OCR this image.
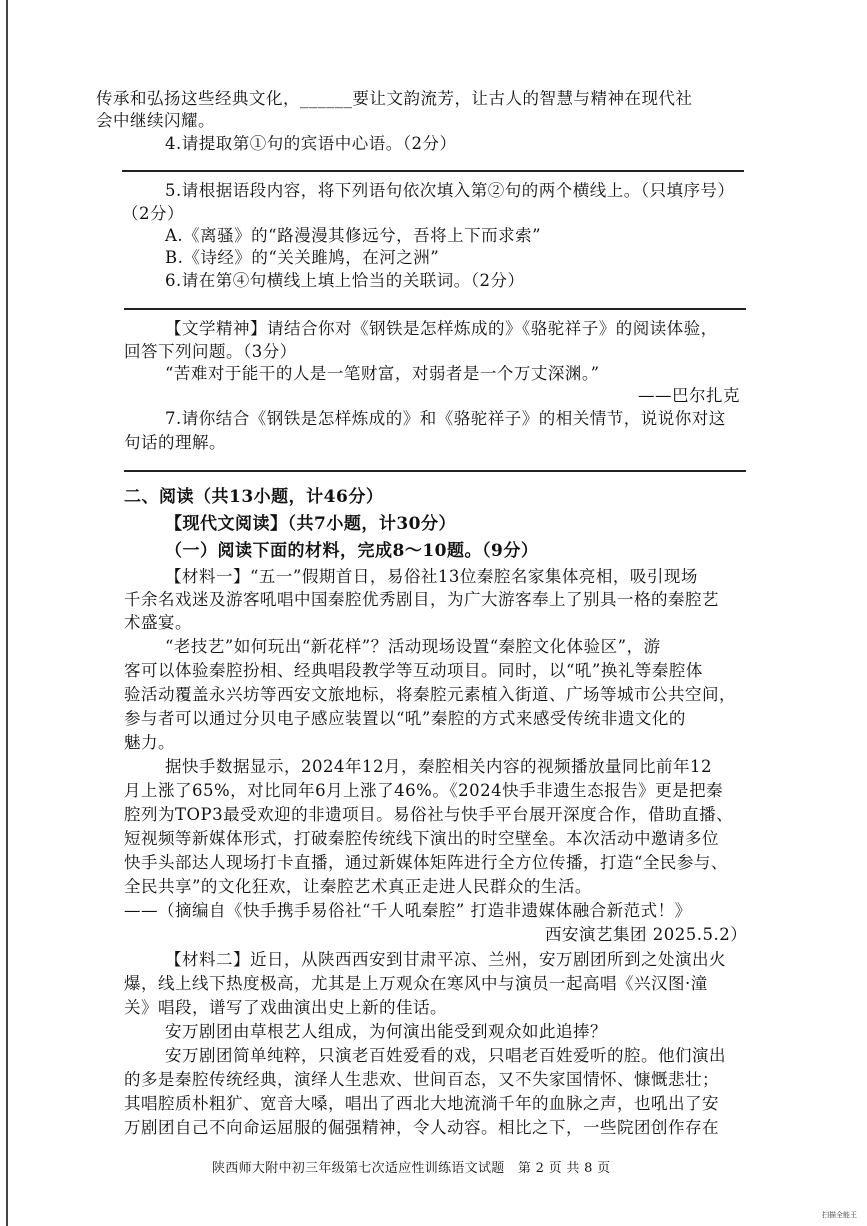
传承和弘扬这些经典文化，______要让文韵流芳，让古人的智慧与精神在现代社
会中继续闪耀。
4.请提取第①句的宾语中心语。（2分）
5.请根据语段内容，将下列语句依次填入第②句的两个横线上。（只填序号）
（2分）
A.《离骚》的“路漫漫其修远兮，吾将上下而求索”
B.《诗经》的“关关雎鸠，在河之洲”
6.请在第④句横线上填上恰当的关联词。（2分）
【文学精神】请结合你对《钢铁是怎样炼成的》《骆驼祥子》的阅读体验，
回答下列问题。（3分）
“苦难对于能干的人是一笔财富，对弱者是一个万丈深渊。”
——巴尔扎克
7.请你结合《钢铁是怎样炼成的》和《骆驼祥子》的相关情节，说说你对这
句话的理解。
二、阅读（共13小题，计46分）
【现代文阅读】（共7小题，计30分）
（一）阅读下面的材料，完成8～10题。（9分）
【材料一】“五一”假期首日，易俗社13位秦腔名家集体亮相，吸引现场
千余名戏迷及游客吼唱中国秦腔优秀剧目，为广大游客奉上了别具一格的秦腔艺
术盛宴。
“老技艺”如何玩出“新花样”？活动现场设置“秦腔文化体验区”，游
客可以体验秦腔扮相、经典唱段教学等互动项目。同时，以“吼”换礼等秦腔体
验活动覆盖永兴坊等西安文旅地标，将秦腔元素植入街道、广场等城市公共空间，
参与者可以通过分贝电子感应装置以“吼”秦腔的方式来感受传统非遗文化的
魅力。
据快手数据显示，2024年12月，秦腔相关内容的视频播放量同比前年12
月上涨了65%，对比同年6月上涨了46%。《2024快手非遗生态报告》更是把秦
腔列为TOP3最受欢迎的非遗项目。易俗社与快手平台展开深度合作，借助直播、
短视频等新媒体形式，打破秦腔传统线下演出的时空壁垒。本次活动中邀请多位
快手头部达人现场打卡直播，通过新媒体矩阵进行全方位传播，打造“全民参与、
全民共享”的文化狂欢，让秦腔艺术真正走进人民群众的生活。
——（摘编自《快手携手易俗社“千人吼秦腔” 打造非遗媒体融合新范式！》
西安演艺集团 2025.5.2）
【材料二】近日，从陕西西安到甘肃平凉、兰州，安万剧团所到之处演出火
爆，线上线下热度极高，尤其是上万观众在寒风中与演员一起高唱《兴汉图·潼
关》唱段，谱写了戏曲演出史上新的佳话。
安万剧团由草根艺人组成，为何演出能受到观众如此追捧？
安万剧团简单纯粹，只演老百姓爱看的戏，只唱老百姓爱听的腔。他们演出
的多是秦腔传统经典，演绎人生悲欢、世间百态，又不失家国情怀、慷慨悲壮；
其唱腔质朴粗犷、宽音大嗓，唱出了西北大地流淌千年的血脉之声，也吼出了安
万剧团自己不向命运屈服的倔强精神，令人动容。相比之下，一些院团创作存在
陕西师大附中初三年级第七次适应性训练语文试题　第 2 页 共 8 页
扫描全能王
